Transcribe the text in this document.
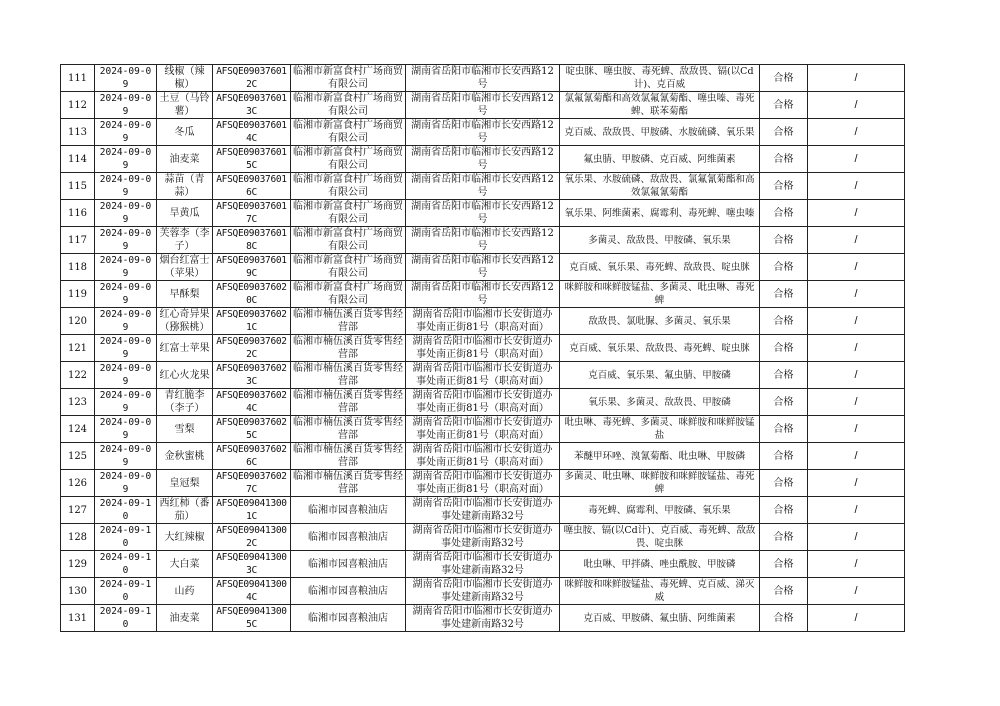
111	2024-09-09	线椒（辣椒）	AFSQE090376012C	临湘市新富食村广场商贸有限公司	湖南省岳阳市临湘市长安西路12号	啶虫脒、噻虫胺、毒死蜱、敌敌畏、镉(以Cd计)、克百威	合格	/
112	2024-09-09	土豆（马铃薯）	AFSQE090376013C	临湘市新富食村广场商贸有限公司	湖南省岳阳市临湘市长安西路12号	氯氟氰菊酯和高效氯氟氰菊酯、噻虫嗪、毒死蜱、联苯菊酯	合格	/
113	2024-09-09	冬瓜	AFSQE090376014C	临湘市新富食村广场商贸有限公司	湖南省岳阳市临湘市长安西路12号	克百威、敌敌畏、甲胺磷、水胺硫磷、氧乐果	合格	/
114	2024-09-09	油麦菜	AFSQE090376015C	临湘市新富食村广场商贸有限公司	湖南省岳阳市临湘市长安西路12号	氟虫腈、甲胺磷、克百威、阿维菌素	合格	/
115	2024-09-09	蒜苗（青蒜）	AFSQE090376016C	临湘市新富食村广场商贸有限公司	湖南省岳阳市临湘市长安西路12号	氧乐果、水胺硫磷、敌敌畏、氯氟氰菊酯和高效氯氟氰菊酯	合格	/
116	2024-09-09	旱黄瓜	AFSQE090376017C	临湘市新富食村广场商贸有限公司	湖南省岳阳市临湘市长安西路12号	氧乐果、阿维菌素、腐霉利、毒死蜱、噻虫嗪	合格	/
117	2024-09-09	芙蓉李（李子）	AFSQE090376018C	临湘市新富食村广场商贸有限公司	湖南省岳阳市临湘市长安西路12号	多菌灵、敌敌畏、甲胺磷、氧乐果	合格	/
118	2024-09-09	烟台红富士（苹果）	AFSQE090376019C	临湘市新富食村广场商贸有限公司	湖南省岳阳市临湘市长安西路12号	克百威、氧乐果、毒死蜱、敌敌畏、啶虫脒	合格	/
119	2024-09-09	早酥梨	AFSQE090376020C	临湘市新富食村广场商贸有限公司	湖南省岳阳市临湘市长安西路12号	咪鲜胺和咪鲜胺锰盐、多菌灵、吡虫啉、毒死蜱	合格	/
120	2024-09-09	红心奇异果（猕猴桃）	AFSQE090376021C	临湘市楠伍溪百货零售经营部	湖南省岳阳市临湘市长安街道办事处南正街81号（职高对面）	敌敌畏、氯吡脲、多菌灵、氧乐果	合格	/
121	2024-09-09	红富士苹果	AFSQE090376022C	临湘市楠伍溪百货零售经营部	湖南省岳阳市临湘市长安街道办事处南正街81号（职高对面）	克百威、氧乐果、敌敌畏、毒死蜱、啶虫脒	合格	/
122	2024-09-09	红心火龙果	AFSQE090376023C	临湘市楠伍溪百货零售经营部	湖南省岳阳市临湘市长安街道办事处南正街81号（职高对面）	克百威、氧乐果、氟虫腈、甲胺磷	合格	/
123	2024-09-09	青红脆李（李子）	AFSQE090376024C	临湘市楠伍溪百货零售经营部	湖南省岳阳市临湘市长安街道办事处南正街81号（职高对面）	氧乐果、多菌灵、敌敌畏、甲胺磷	合格	/
124	2024-09-09	雪梨	AFSQE090376025C	临湘市楠伍溪百货零售经营部	湖南省岳阳市临湘市长安街道办事处南正街81号（职高对面）	吡虫啉、毒死蜱、多菌灵、咪鲜胺和咪鲜胺锰盐	合格	/
125	2024-09-09	金秋蜜桃	AFSQE090376026C	临湘市楠伍溪百货零售经营部	湖南省岳阳市临湘市长安街道办事处南正街81号（职高对面）	苯醚甲环唑、溴氰菊酯、吡虫啉、甲胺磷	合格	/
126	2024-09-09	皇冠梨	AFSQE090376027C	临湘市楠伍溪百货零售经营部	湖南省岳阳市临湘市长安街道办事处南正街81号（职高对面）	多菌灵、吡虫啉、咪鲜胺和咪鲜胺锰盐、毒死蜱	合格	/
127	2024-09-10	西红柿（番茄）	AFSQE090413001C	临湘市园喜粮油店	湖南省岳阳市临湘市长安街道办事处建新南路32号	毒死蜱、腐霉利、甲胺磷、氧乐果	合格	/
128	2024-09-10	大红辣椒	AFSQE090413002C	临湘市园喜粮油店	湖南省岳阳市临湘市长安街道办事处建新南路32号	噻虫胺、镉(以Cd计)、克百威、毒死蜱、敌敌畏、啶虫脒	合格	/
129	2024-09-10	大白菜	AFSQE090413003C	临湘市园喜粮油店	湖南省岳阳市临湘市长安街道办事处建新南路32号	吡虫啉、甲拌磷、唑虫酰胺、甲胺磷	合格	/
130	2024-09-10	山药	AFSQE090413004C	临湘市园喜粮油店	湖南省岳阳市临湘市长安街道办事处建新南路32号	咪鲜胺和咪鲜胺锰盐、毒死蜱、克百威、涕灭威	合格	/
131	2024-09-10	油麦菜	AFSQE090413005C	临湘市园喜粮油店	湖南省岳阳市临湘市长安街道办事处建新南路32号	克百威、甲胺磷、氟虫腈、阿维菌素	合格	/
